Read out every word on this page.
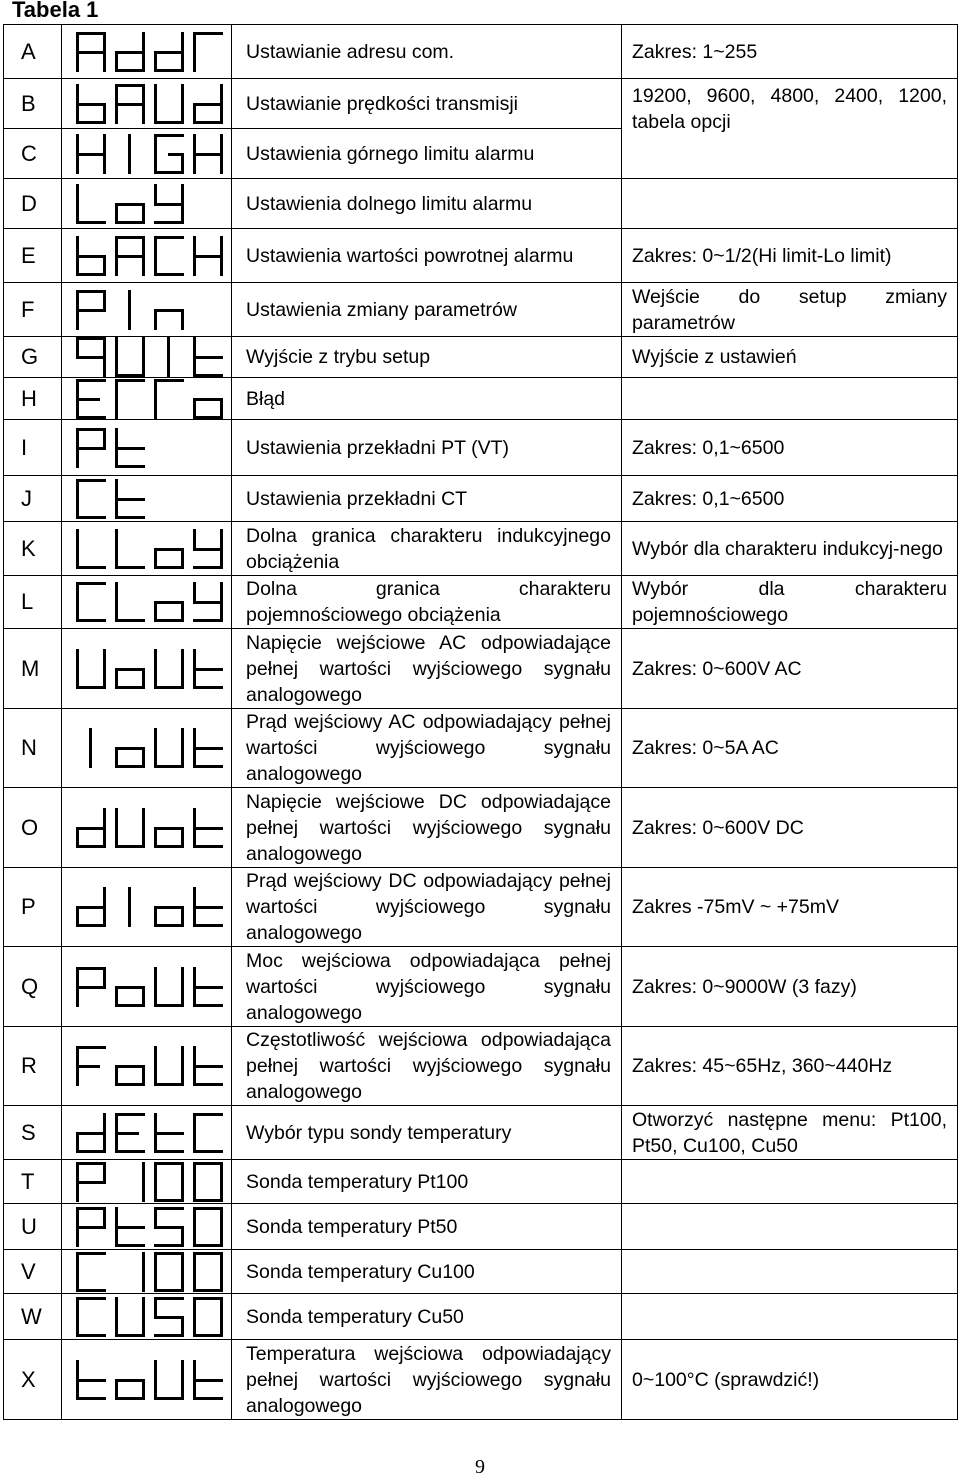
Tabela 1
A		Ustawianie adresu com.	Zakres: 1~255
B		Ustawianie prędkości transmisji	19200, 9600, 4800, 2400, 1200, tabela opcji
C		Ustawienia górnego limitu alarmu	
D		Ustawienia dolnego limitu alarmu	
E		Ustawienia wartości powrotnej alarmu	Zakres: 0~1/2(Hi limit-Lo limit)
F		Ustawienia zmiany parametrów	Wejście do setup zmiany parametrów
G		Wyjście z trybu setup	Wyjście z ustawień
H		Błąd	
I		Ustawienia przekładni PT (VT)	Zakres: 0,1~6500
J		Ustawienia przekładni CT	Zakres: 0,1~6500
K		Dolna granica charakteru indukcyjnego obciążenia	Wybór dla charakteru indukcyj-nego
L		Dolna granica charakteru pojemnościowego obciążenia	Wybór dla charakteru pojemnościowego
M		Napięcie wejściowe AC odpowiadające pełnej wartości wyjściowego sygnału analogowego	Zakres: 0~600V AC
N		Prąd wejściowy AC odpowiadający pełnej wartości wyjściowego sygnału analogowego	Zakres: 0~5A AC
O		Napięcie wejściowe DC odpowiadające pełnej wartości wyjściowego sygnału analogowego	Zakres: 0~600V DC
P		Prąd wejściowy DC odpowiadający pełnej wartości wyjściowego sygnału analogowego	Zakres -75mV ~ +75mV
Q		Moc wejściowa odpowiadająca pełnej wartości wyjściowego sygnału analogowego	Zakres: 0~9000W (3 fazy)
R		Częstotliwość wejściowa odpowiadająca pełnej wartości wyjściowego sygnału analogowego	Zakres: 45~65Hz, 360~440Hz
S		Wybór typu sondy temperatury	Otworzyć następne menu: Pt100, Pt50, Cu100, Cu50
T		Sonda temperatury Pt100	
U		Sonda temperatury Pt50	
V		Sonda temperatury Cu100	
W		Sonda temperatury Cu50	
X		Temperatura wejściowa odpowiadający pełnej wartości wyjściowego sygnału analogowego	0~100°C (sprawdzić!)
9
